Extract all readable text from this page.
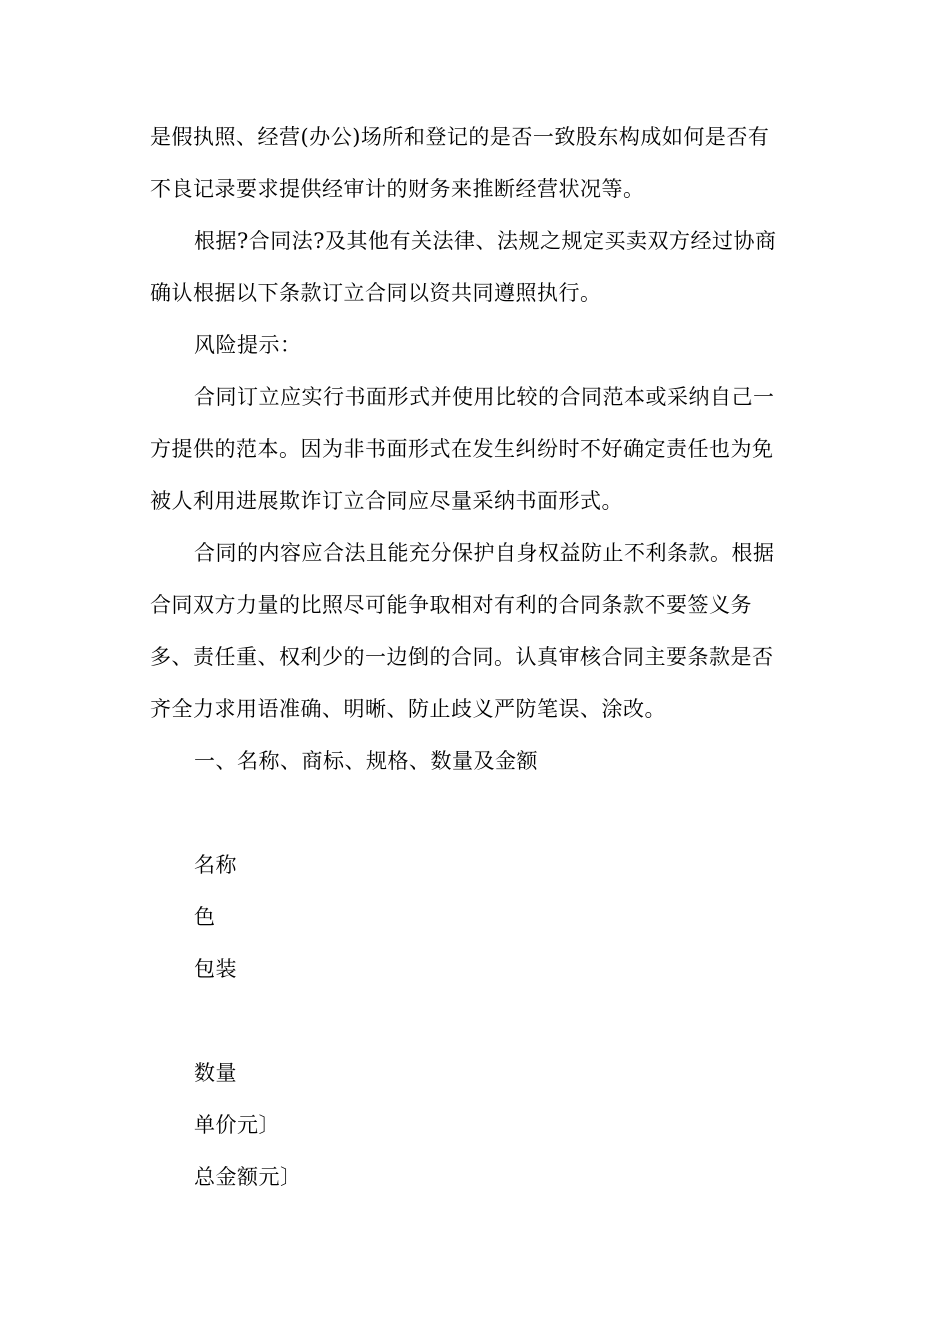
是假执照、经营(办公)场所和登记的是否一致股东构成如何是否有
不良记录要求提供经审计的财务来推断经营状况等。
根据?合同法?及其他有关法律、法规之规定买卖双方经过协商
确认根据以下条款订立合同以资共同遵照执行。
风险提示：
合同订立应实行书面形式并使用比较的合同范本或采纳自己一
方提供的范本。因为非书面形式在发生纠纷时不好确定责任也为免
被人利用进展欺诈订立合同应尽量采纳书面形式。
合同的内容应合法且能充分保护自身权益防止不利条款。根据
合同双方力量的比照尽可能争取相对有利的合同条款不要签义务
多、责任重、权利少的一边倒的合同。认真审核合同主要条款是否
齐全力求用语准确、明晰、防止歧义严防笔误、涂改。
一、名称、商标、规格、数量及金额
名称
色
包装
数量
单价元〕
总金额元〕
